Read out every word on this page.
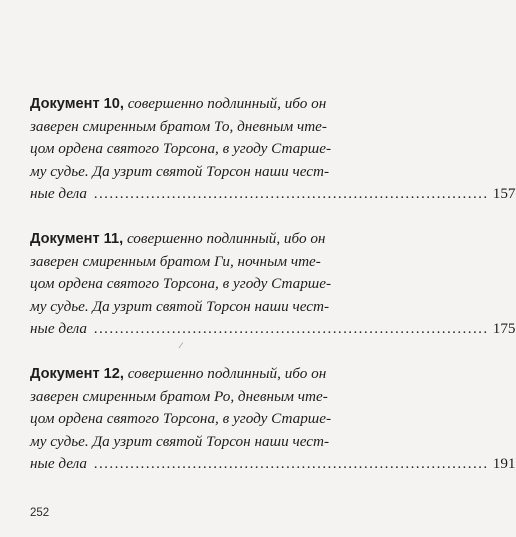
Документ 10, совершенно подлинный, ибо он
заверен смиренным братом То, дневным чте-
цом ордена святого Торсона, в угоду Старше-
му судье. Да узрит святой Торсон наши чест-
ные дела . . .	157
Документ 11, совершенно подлинный, ибо он
заверен смиренным братом Ги, ночным чте-
цом ордена святого Торсона, в угоду Старше-
му судье. Да узрит святой Торсон наши чест-
ные дела . . .	175
Документ 12, совершенно подлинный, ибо он
заверен смиренным братом Ро, дневным чте-
цом ордена святого Торсона, в угоду Старше-
му судье. Да узрит святой Торсон наши чест-
ные дела . . .	191
252
